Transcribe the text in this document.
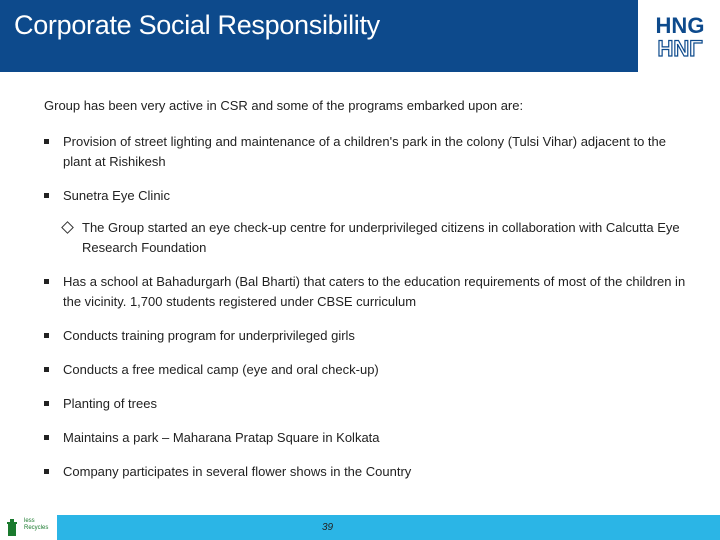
Corporate Social Responsibility	HNG
ΗΝΓ

Group has been very active in CSR and some of the programs embarked upon are:

Provision of street lighting and maintenance of a children's park in the colony (Tulsi Vihar) adjacent to the plant at Rishikesh
Sunetra Eye Clinic
The Group started an eye check-up centre for underprivileged citizens in collaboration with Calcutta Eye Research Foundation
Has a school at Bahadurgarh (Bal Bharti) that caters to the education requirements of most of the children in the vicinity. 1,700 students registered under CBSE curriculum
Conducts training program for underprivileged girls
Conducts a free medical camp (eye and oral check-up)
Planting of trees
Maintains a park – Maharana Pratap Square in Kolkata
Company participates in several flower shows in the Country
less
Recycles	39
